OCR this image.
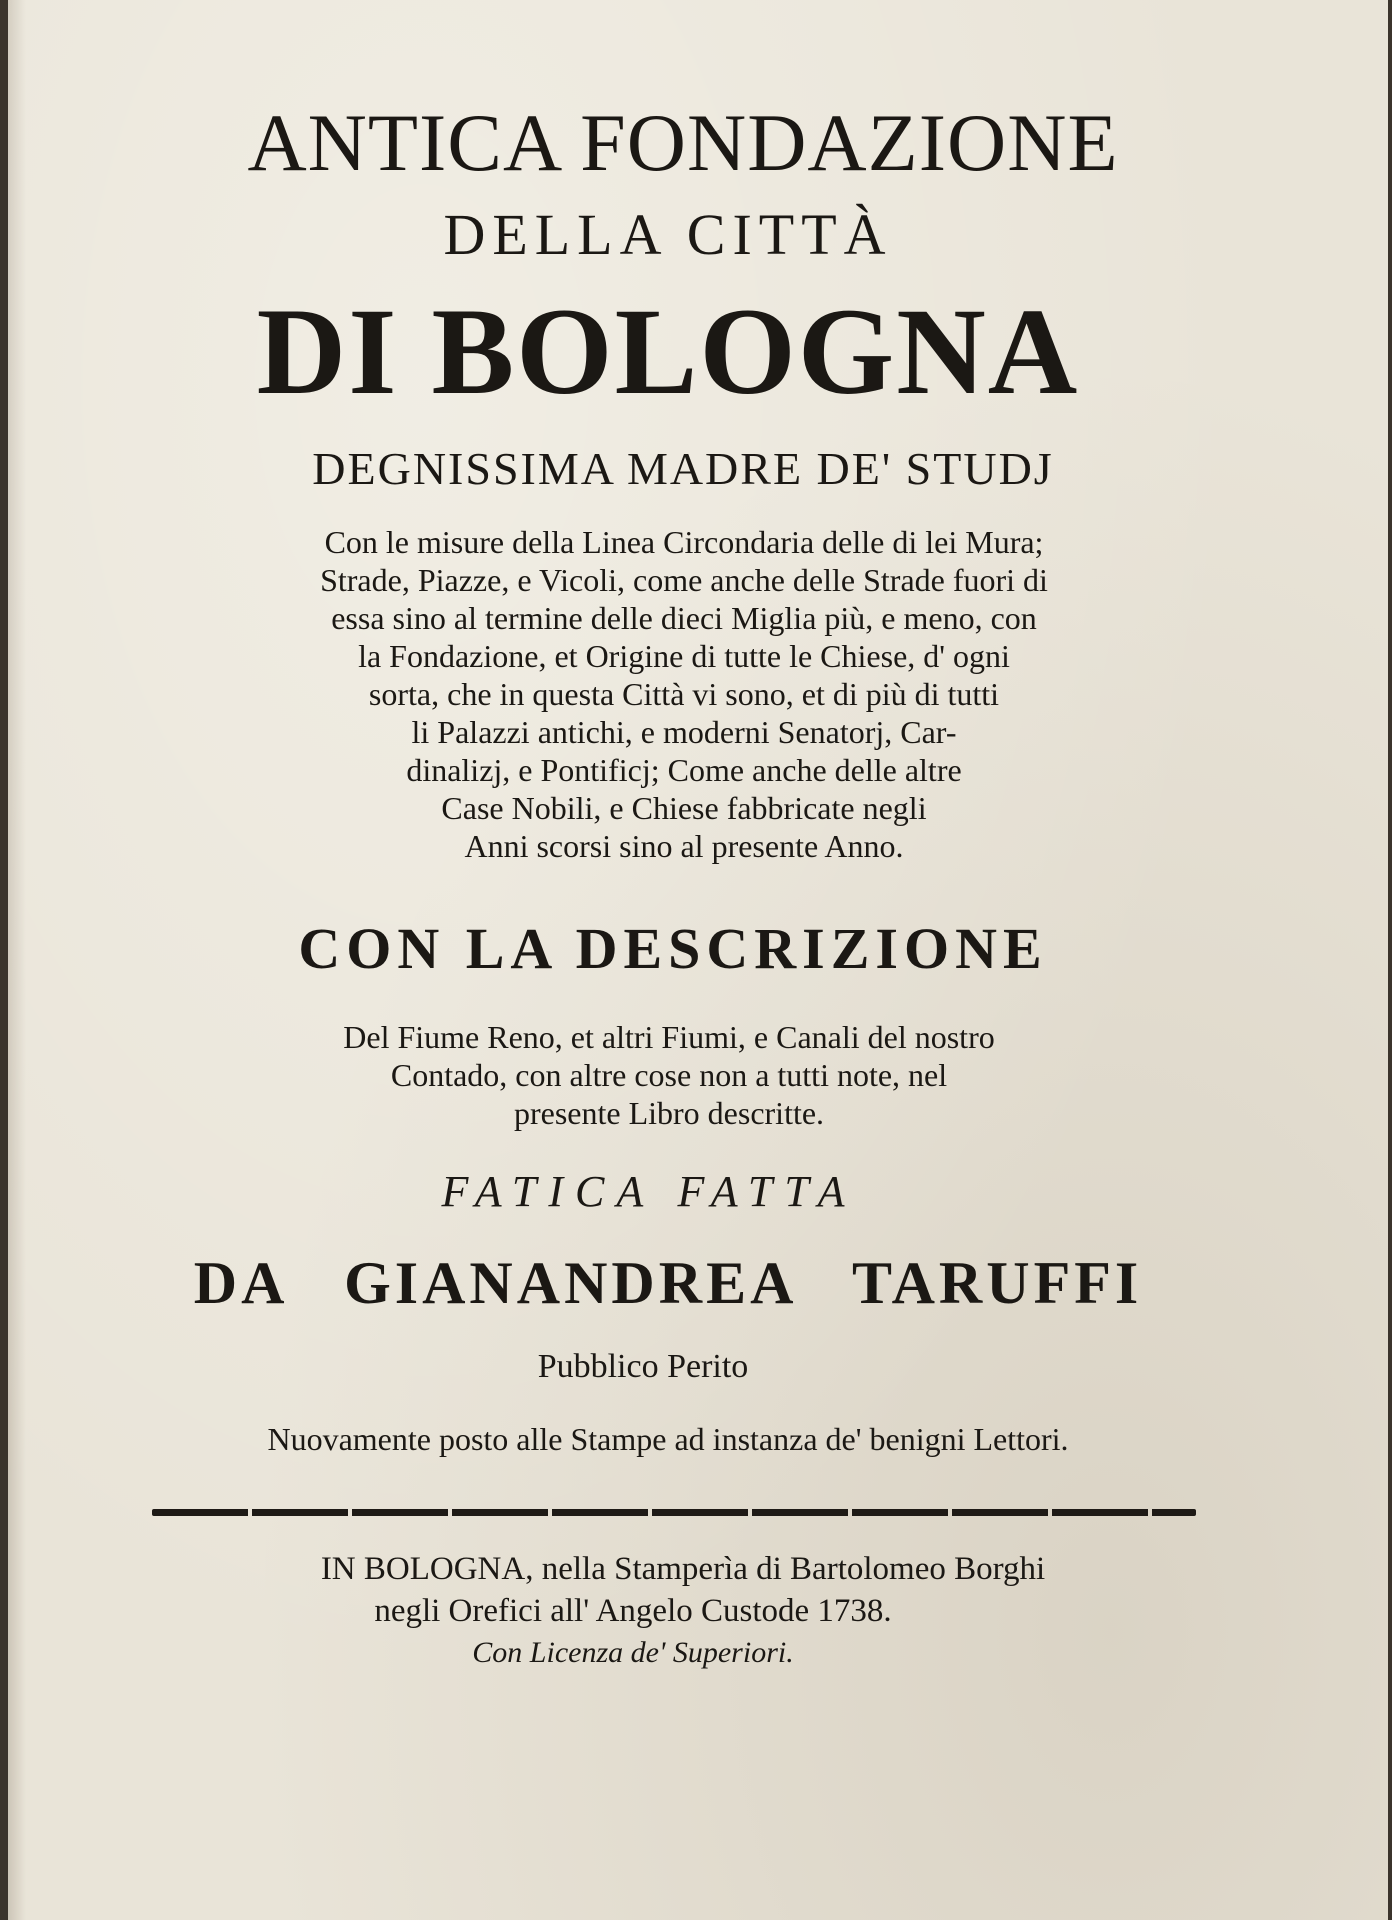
ANTICA FONDAZIONE
DELLA CITTÀ
DI BOLOGNA
DEGNISSIMA MADRE DE' STUDJ
Con le misure della Linea Circondaria delle di lei Mura;
Strade, Piazze, e Vicoli, come anche delle Strade fuori di
essa sino al termine delle dieci Miglia più, e meno, con
la Fondazione, et Origine di tutte le Chiese, d' ogni
sorta, che in questa Città vi sono, et di più di tutti
li Palazzi antichi, e moderni Senatorj, Car-
dinalizj, e Pontificj; Come anche delle altre
Case Nobili, e Chiese fabbricate negli
Anni scorsi sino al presente Anno.
CON LA DESCRIZIONE
Del Fiume Reno, et altri Fiumi, e Canali del nostro
Contado, con altre cose non a tutti note, nel
presente Libro descritte.
FATICA FATTA
DA GIANANDREA TARUFFI
Pubblico Perito
Nuovamente posto alle Stampe ad instanza de' benigni Lettori.
IN BOLOGNA, nella Stamperìa di Bartolomeo Borghi
negli Orefici all' Angelo Custode 1738.
Con Licenza de' Superiori.
